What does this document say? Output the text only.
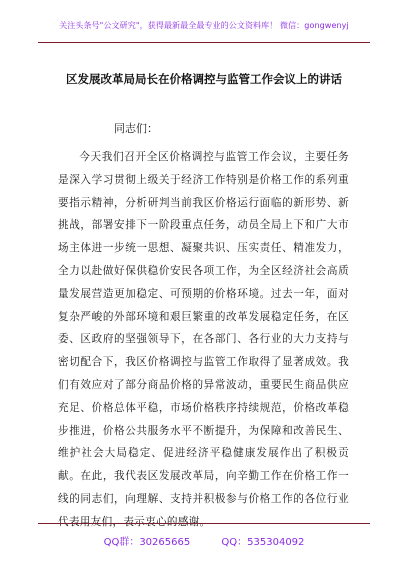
关注头条号"公文研究"，获得最新最全最专业的公文资料库！ 微信：gongwenyj
区发展改革局局长在价格调控与监管工作会议上的讲话
同志们：
今天我们召开全区价格调控与监管工作会议，主要任务是深入学习贯彻上级关于经济工作特别是价格工作的系列重要指示精神，分析研判当前我区价格运行面临的新形势、新挑战，部署安排下一阶段重点任务，动员全局上下和广大市场主体进一步统一思想、凝聚共识、压实责任、精准发力，全力以赴做好保供稳价安民各项工作，为全区经济社会高质量发展营造更加稳定、可预期的价格环境。过去一年，面对复杂严峻的外部环境和艰巨繁重的改革发展稳定任务，在区委、区政府的坚强领导下，在各部门、各行业的大力支持与密切配合下，我区价格调控与监管工作取得了显著成效。我们有效应对了部分商品价格的异常波动，重要民生商品供应充足、价格总体平稳，市场价格秩序持续规范，价格改革稳步推进，价格公共服务水平不断提升，为保障和改善民生、维护社会大局稳定、促进经济平稳健康发展作出了积极贡献。在此，我代表区发展改革局，向辛勤工作在价格工作一线的同志们，向理解、支持并积极参与价格工作的各位行业代表用友们，表示衷心的感谢。
QQ群：30265665	QQ：535304092
